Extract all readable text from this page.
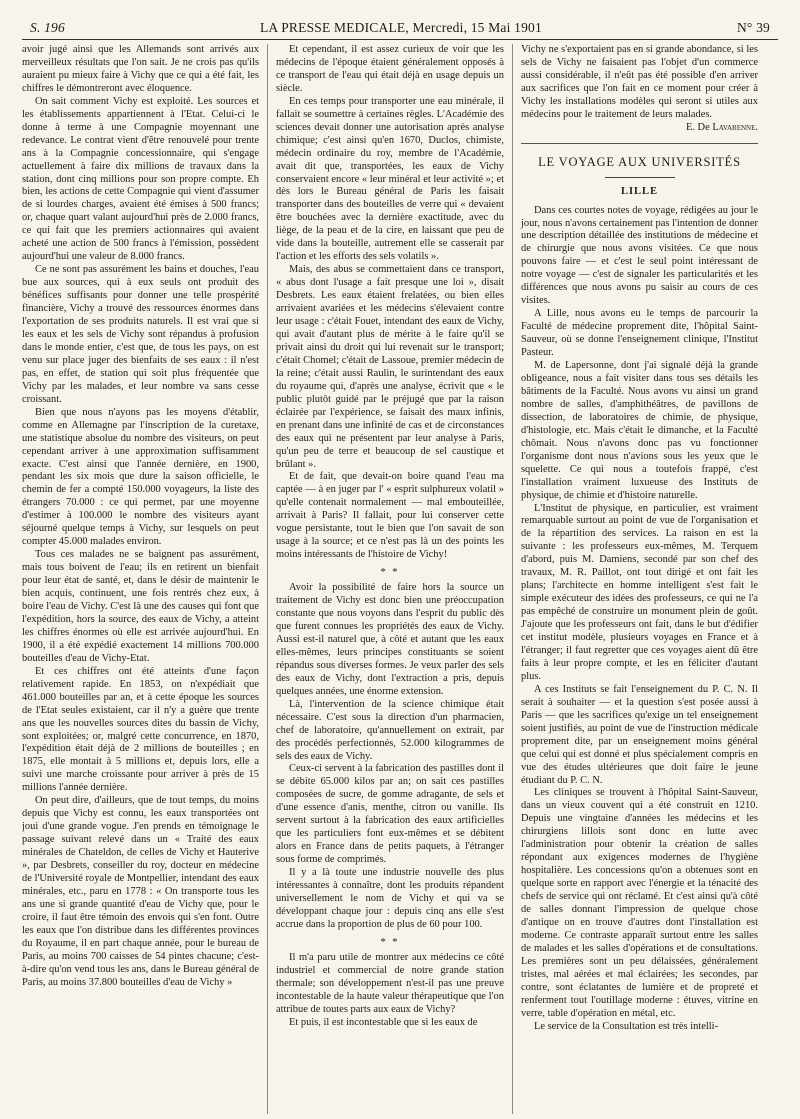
S. 196	LA PRESSE MEDICALE, Mercredi, 15 Mai 1901	N° 39

avoir jugé ainsi que les Allemands sont arrivés aux merveilleux résultats que l'on sait. Je ne crois pas qu'ils auraient pu mieux faire à Vichy que ce qui a été fait, les chiffres le démontreront avec éloquence.

On sait comment Vichy est exploité. Les sources et les établissements appartiennent à l'Etat. Celui-ci le donne à terme à une Compagnie moyennant une redevance. Le contrat vient d'être renouvelé pour trente ans à la Compagnie concessionnaire, qui s'engage actuellement à faire dix millions de travaux dans la station, dont cinq millions pour son propre compte. Eh bien, les actions de cette Compagnie qui vient d'assumer de si lourdes charges, avaient été émises à 500 francs; or, chaque quart valant aujourd'hui près de 2.000 francs, ce qui fait que les premiers actionnaires qui avaient acheté une action de 500 francs à l'émission, possèdent aujourd'hui une valeur de 8.000 francs.

Ce ne sont pas assurément les bains et douches, l'eau bue aux sources, qui à eux seuls ont produit des bénéfices suffisants pour donner une telle prospérité financière, Vichy a trouvé des ressources énormes dans l'exportation de ses produits naturels. Il est vrai que si les eaux et les sels de Vichy sont répandus à profusion dans le monde entier, c'est que, de tous les pays, on est venu sur place juger des bienfaits de ses eaux : il n'est pas, en effet, de station qui soit plus fréquentée que Vichy par les malades, et leur nombre va sans cesse croissant.

Bien que nous n'ayons pas les moyens d'établir, comme en Allemagne par l'inscription de la curetaxe, une statistique absolue du nombre des visiteurs, on peut cependant arriver à une approximation suffisamment exacte. C'est ainsi que l'année dernière, en 1900, pendant les six mois que dure la saison officielle, le chemin de fer a compté 150.000 voyageurs, la liste des étrangers 70.000 : ce qui permet, par une moyenne d'estimer à 100.000 le nombre des visiteurs ayant séjourné quelque temps à Vichy, sur lesquels on peut compter 45.000 malades environ.

Tous ces malades ne se baignent pas assurément, mais tous boivent de l'eau; ils en retirent un bienfait pour leur état de santé, et, dans le désir de maintenir le bien acquis, continuent, une fois rentrés chez eux, à boire l'eau de Vichy. C'est là une des causes qui font que l'expédition, hors la source, des eaux de Vichy, a atteint les chiffres énormes où elle est arrivée aujourd'hui. En 1900, il a été expédié exactement 14 millions 700.000 bouteilles d'eau de Vichy-Etat.

Et ces chiffres ont été atteints d'une façon relativement rapide. En 1853, on n'expédiait que 461.000 bouteilles par an, et à cette époque les sources de l'Etat seules existaient, car il n'y a guère que trente ans que les nouvelles sources dites du bassin de Vichy, sont exploitées; or, malgré cette concurrence, en 1870, l'expédition était déjà de 2 millions de bouteilles ; en 1875, elle montait à 5 millions et, depuis lors, elle a suivi une marche croissante pour arriver à près de 15 millions l'année dernière.

On peut dire, d'ailleurs, que de tout temps, du moins depuis que Vichy est connu, les eaux transportées ont joui d'une grande vogue. J'en prends en témoignage le passage suivant relevé dans un « Traité des eaux minérales de Chateldon, de celles de Vichy et Hauterive », par Desbrets, conseiller du roy, docteur en médecine de l'Université royale de Montpellier, intendant des eaux minérales, etc., paru en 1778 : « On transporte tous les ans une si grande quantité d'eau de Vichy que, pour le croire, il faut être témoin des envois qui s'en font. Outre les eaux que l'on distribue dans les différentes provinces du Royaume, il en part chaque année, pour le bureau de Paris, au moins 700 caisses de 54 pintes chacune; c'est-à-dire qu'on vend tous les ans, dans le Bureau général de Paris, au moins 37.800 bouteilles d'eau de Vichy »

Et cependant, il est assez curieux de voir que les médecins de l'époque étaient généralement opposés à ce transport de l'eau qui était déjà en usage depuis un siècle.

En ces temps pour transporter une eau minérale, il fallait se soumettre à certaines règles. L'Académie des sciences devait donner une autorisation après analyse chimique; c'est ainsi qu'en 1670, Duclos, chimiste, médecin ordinaire du roy, membre de l'Académie, avait dit que, transportées, les eaux de Vichy conservaient encore « leur minéral et leur activité »; et dès lors le Bureau général de Paris les faisait transporter dans des bouteilles de verre qui « devaient être bouchées avec la dernière exactitude, avec du liège, de la peau et de la cire, en laissant que peu de vide dans la bouteille, autrement elle se casserait par l'action et les efforts des sels volatils ».

Mais, des abus se commettaient dans ce transport, « abus dont l'usage a fait presque une loi », disait Desbrets. Les eaux étaient frelatées, ou bien elles arrivaient avariées et les médecins s'élevaient contre leur usage : c'était Fouet, intendant des eaux de Vichy, qui avait d'autant plus de mérite à le faire qu'il se privait ainsi du droit qui lui revenait sur le transport; c'était Chomel; c'était de Lassoue, premier médecin de la reine; c'était aussi Raulin, le surintendant des eaux du royaume qui, d'après une analyse, écrivit que « le public plutôt guidé par le préjugé que par la raison éclairée par l'expérience, se faisait des maux infinis, en prenant dans une infinité de cas et de circonstances des eaux qui ne présentent par leur analyse à Paris, qu'un peu de terre et beaucoup de sel caustique et brûlant ».

Et de fait, que devait-on boire quand l'eau ma captée — à en juger par l' « esprit sulphureux volatil » qu'elle contenait normalement — mal embouteillée, arrivait à Paris? Il fallait, pour lui conserver cette vogue persistante, tout le bien que l'on savait de son usage à la source; et ce n'est pas là un des points les moins intéressants de l'histoire de Vichy!

* *

Avoir la possibilité de faire hors la source un traitement de Vichy est donc bien une préoccupation constante que nous voyons dans l'esprit du public dès que furent connues les propriétés des eaux de Vichy. Aussi est-il naturel que, à côté et autant que les eaux elles-mêmes, leurs principes constituants se soient répandus sous diverses formes. Je veux parler des sels des eaux de Vichy, dont l'extraction a pris, depuis quelques années, une énorme extension.

Là, l'intervention de la science chimique était nécessaire. C'est sous la direction d'un pharmacien, chef de laboratoire, qu'annuellement on extrait, par des procédés perfectionnés, 52.000 kilogrammes de sels des eaux de Vichy.

Ceux-ci servent à la fabrication des pastilles dont il se débite 65.000 kilos par an; on sait ces pastilles composées de sucre, de gomme adragante, de sels et d'une essence d'anis, menthe, citron ou vanille. Ils servent surtout à la fabrication des eaux artificielles que les particuliers font eux-mêmes et se débitent alors en France dans de petits paquets, à l'étranger sous forme de comprimés.

Il y a là toute une industrie nouvelle des plus intéressantes à connaître, dont les produits répandent universellement le nom de Vichy et qui va se développant chaque jour : depuis cinq ans elle s'est accrue dans la proportion de plus de 60 pour 100.

* *

Il m'a paru utile de montrer aux médecins ce côté industriel et commercial de notre grande station thermale; son développement n'est-il pas une preuve incontestable de la haute valeur thérapeutique que l'on attribue de toutes parts aux eaux de Vichy?

Et puis, il est incontestable que si les eaux de

Vichy ne s'exportaient pas en si grande abondance, si les sels de Vichy ne faisaient pas l'objet d'un commerce aussi considérable, il n'eût pas été possible d'en arriver aux sacrifices que l'on fait en ce moment pour créer à Vichy les installations modèles qui seront si utiles aux médecins pour le traitement de leurs malades.

E. De Lavarenne.

LE VOYAGE AUX UNIVERSITÉS
LILLE

Dans ces courtes notes de voyage, rédigées au jour le jour, nous n'avons certainement pas l'intention de donner une description détaillée des institutions de médecine et de chirurgie que nous avons visitées. Ce que nous pouvons faire — et c'est le seul point intéressant de notre voyage — c'est de signaler les particularités et les différences que nous avons pu saisir au cours de ces visites.

A Lille, nous avons eu le temps de parcourir la Faculté de médecine proprement dite, l'hôpital Saint-Sauveur, où se donne l'enseignement clinique, l'Institut Pasteur.

M. de Lapersonne, dont j'ai signalé déjà la grande obligeance, nous a fait visiter dans tous ses détails les bâtiments de la Faculté. Nous avons vu ainsi un grand nombre de salles, d'amphithéâtres, de pavillons de dissection, de laboratoires de chimie, de physique, d'histologie, etc. Mais c'était le dimanche, et la Faculté chômait. Nous n'avons donc pas vu fonctionner l'organisme dont nous n'avions sous les yeux que le squelette. Ce qui nous a toutefois frappé, c'est l'installation vraiment luxueuse des Instituts de physique, de chimie et d'histoire naturelle.

L'Institut de physique, en particulier, est vraiment remarquable surtout au point de vue de l'organisation et de la répartition des services. La raison en est la suivante : les professeurs eux-mêmes, M. Terquem d'abord, puis M. Damiens, secondé par son chef des travaux, M. R. Paillot, ont tout dirigé et ont fait les plans; l'architecte en homme intelligent s'est fait le simple exécuteur des idées des professeurs, ce qui ne l'a pas empêché de construire un monument plein de goût. J'ajoute que les professeurs ont fait, dans le but d'édifier cet institut modèle, plusieurs voyages en France et à l'étranger; il faut regretter que ces voyages aient dû être faits à leur propre compte, et les en féliciter d'autant plus.

A ces Instituts se fait l'enseignement du P. C. N. Il serait à souhaiter — et la question s'est posée aussi à Paris — que les sacrifices qu'exige un tel enseignement soient justifiés, au point de vue de l'instruction médicale proprement dite, par un enseignement moins général que celui qui est donné et plus spécialement compris en vue des études ultérieures que doit faire le jeune étudiant du P. C. N.

Les cliniques se trouvent à l'hôpital Saint-Sauveur, dans un vieux couvent qui a été construit en 1210. Depuis une vingtaine d'années les médecins et les chirurgiens lillois sont donc en lutte avec l'administration pour obtenir la création de salles répondant aux exigences modernes de l'hygiène hospitalière. Les concessions qu'on a obtenues sont en quelque sorte en rapport avec l'énergie et la ténacité des chefs de service qui ont réclamé. Et c'est ainsi qu'à côté de salles donnant l'impression de quelque chose d'antique on en trouve d'autres dont l'installation est moderne. Ce contraste apparaît surtout entre les salles de malades et les salles d'opérations et de consultations. Les premières sont un peu délaissées, généralement tristes, mal aérées et mal éclairées; les secondes, par contre, sont éclatantes de lumière et de propreté et renferment tout l'outillage moderne : étuves, vitrine en verre, table d'opération en métal, etc.

Le service de la Consultation est très intelli-
